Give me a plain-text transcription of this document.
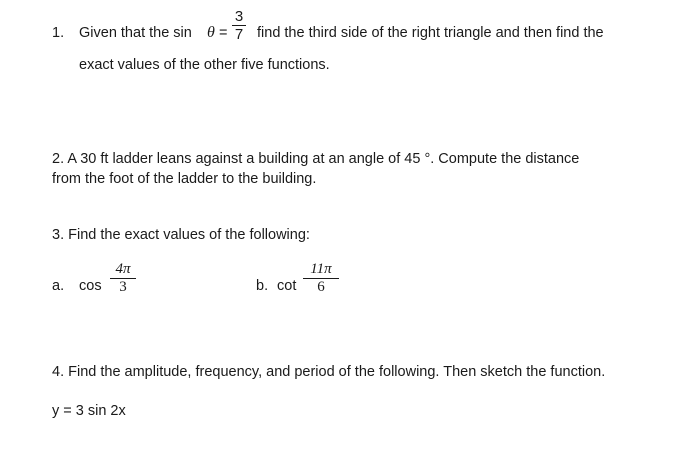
1. Given that the sin θ =
3
7 find the third side of the right triangle and then find the
exact values of the other five functions.
2. A 30 ft ladder leans against a building at an angle of 45 °. Compute the distance
from the foot of the ladder to the building.
3. Find the exact values of the following:
a. cos
4π
3	b. cot
11π
6
4. Find the amplitude, frequency, and period of the following. Then sketch the function.
y = 3 sin 2x
